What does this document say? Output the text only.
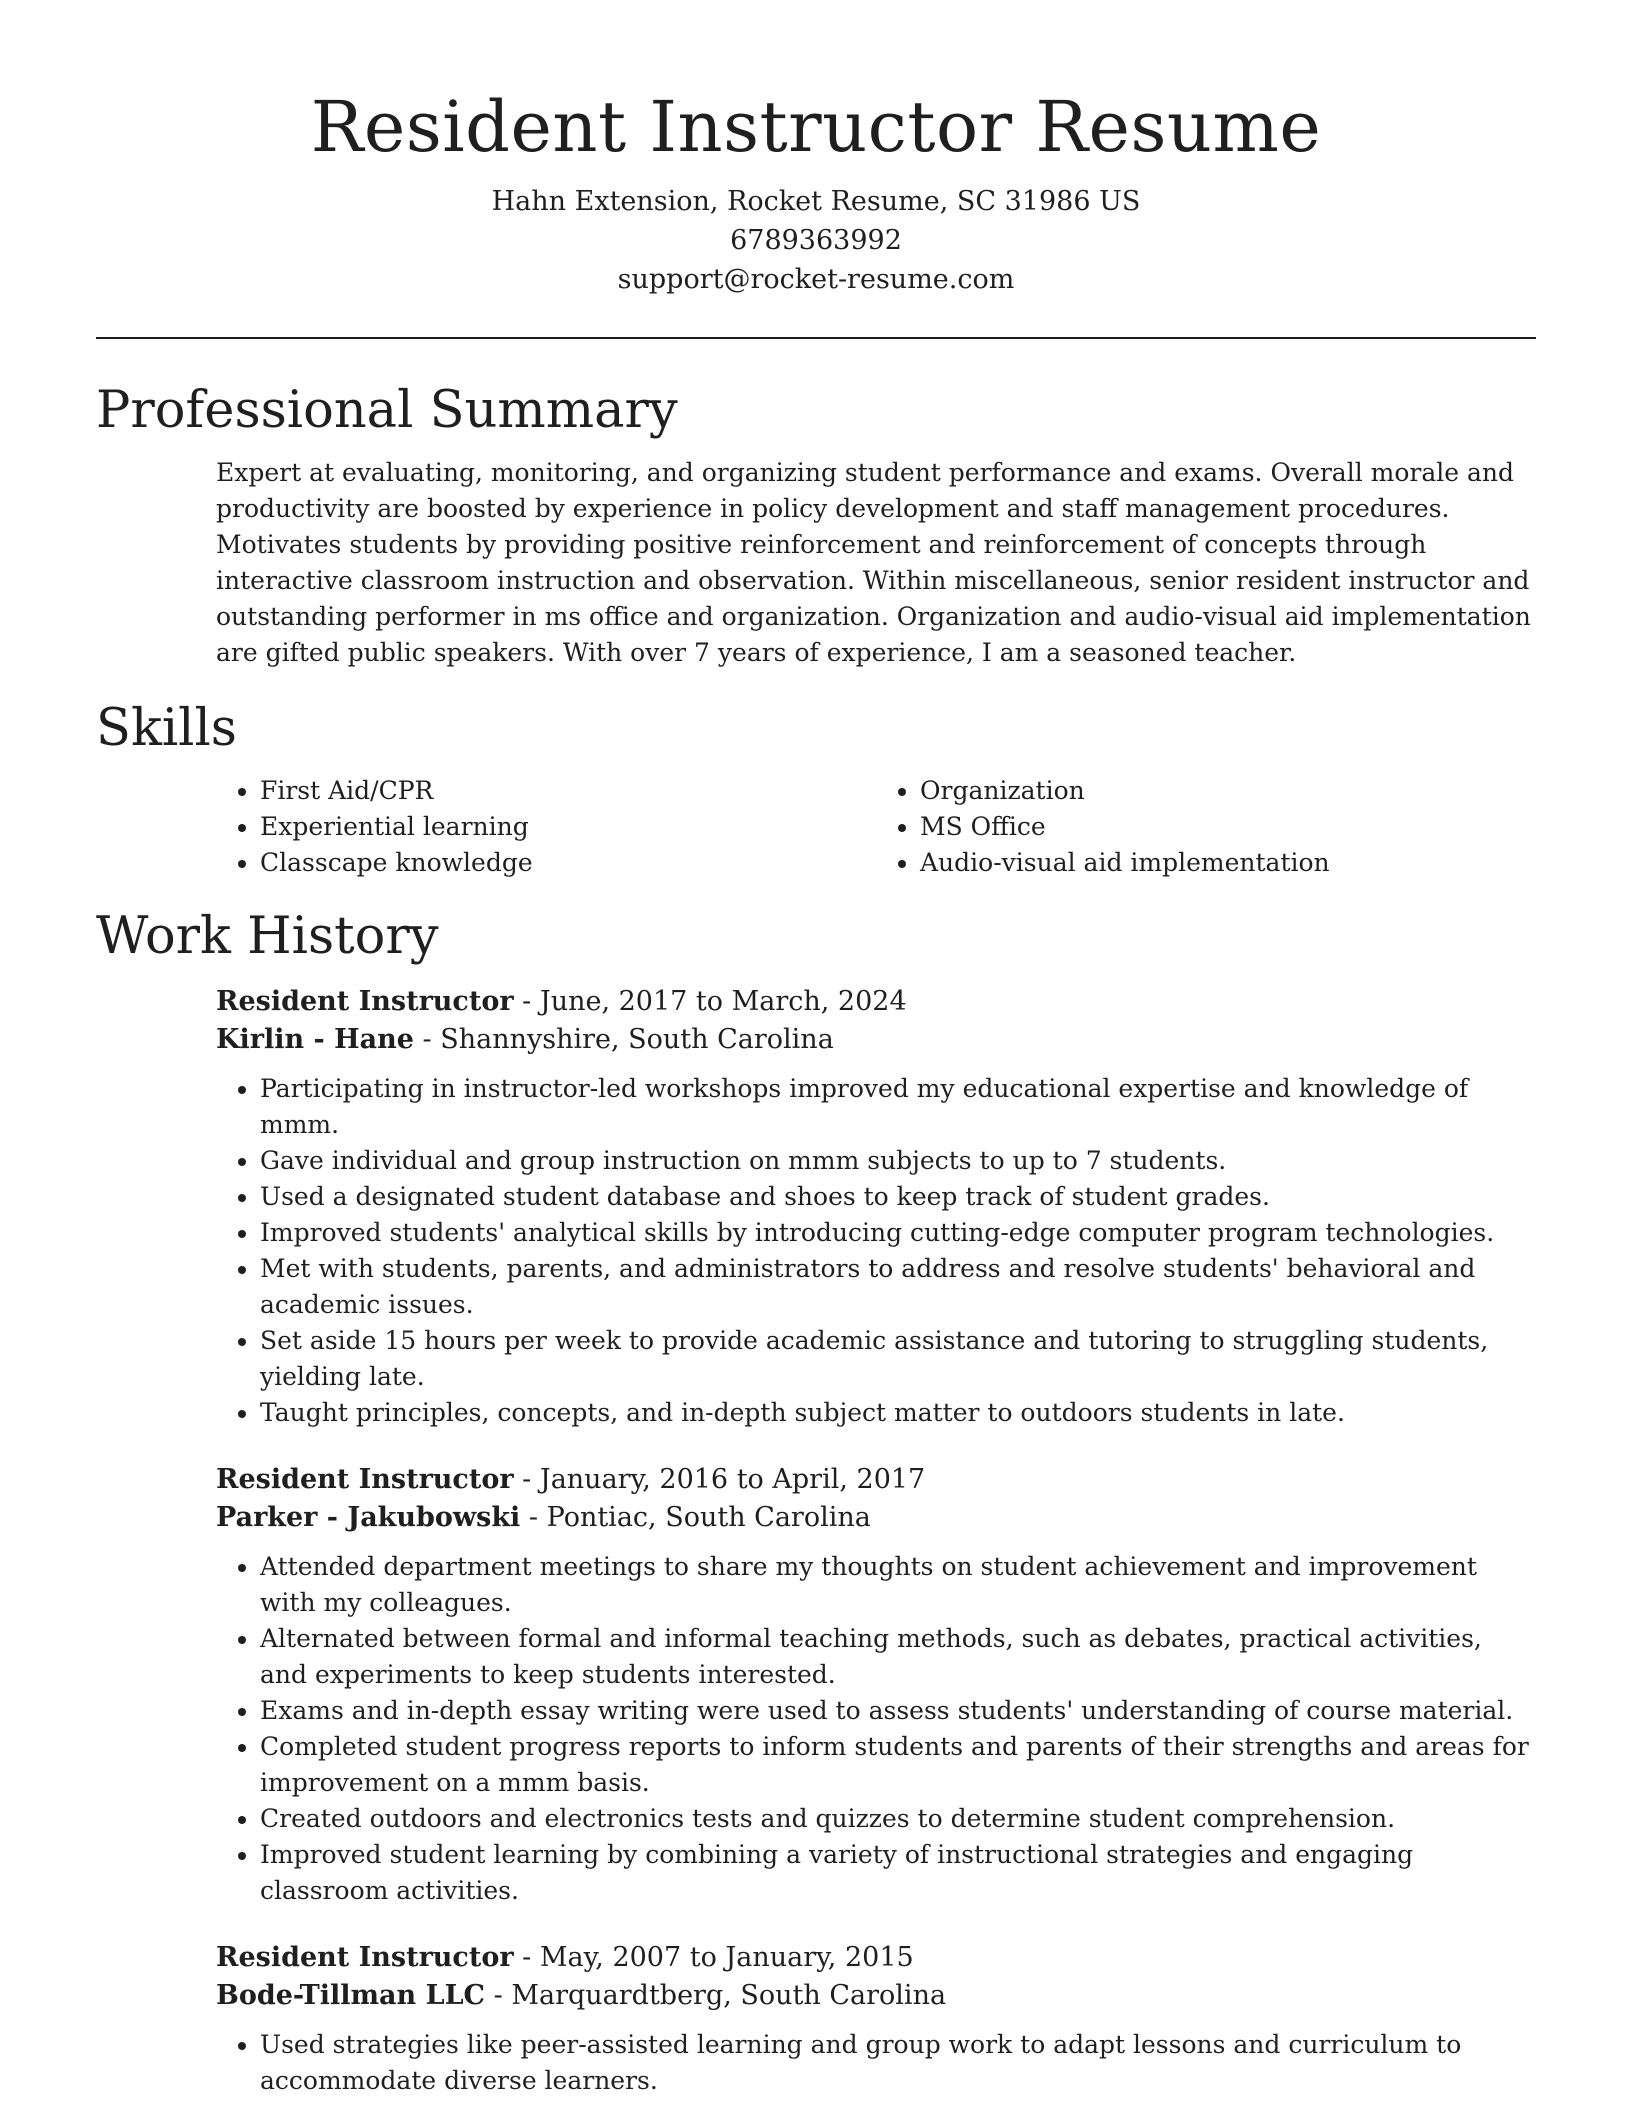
Resident Instructor Resume
Hahn Extension, Rocket Resume, SC 31986 US
6789363992
support@rocket-resume.com
Professional Summary
Expert at evaluating, monitoring, and organizing student performance and exams. Overall morale and productivity are boosted by experience in policy development and staff management procedures. Motivates students by providing positive reinforcement and reinforcement of concepts through interactive classroom instruction and observation. Within miscellaneous, senior resident instructor and outstanding performer in ms office and organization. Organization and audio-visual aid implementation are gifted public speakers. With over 7 years of experience, I am a seasoned teacher.
Skills
• First Aid/CPR
• Experiential learning
• Classcape knowledge
• Organization
• MS Office
• Audio-visual aid implementation
Work History
Resident Instructor - June, 2017 to March, 2024
Kirlin - Hane - Shannyshire, South Carolina
• Participating in instructor-led workshops improved my educational expertise and knowledge of mmm.
• Gave individual and group instruction on mmm subjects to up to 7 students.
• Used a designated student database and shoes to keep track of student grades.
• Improved students' analytical skills by introducing cutting-edge computer program technologies.
• Met with students, parents, and administrators to address and resolve students' behavioral and academic issues.
• Set aside 15 hours per week to provide academic assistance and tutoring to struggling students, yielding late.
• Taught principles, concepts, and in-depth subject matter to outdoors students in late.
Resident Instructor - January, 2016 to April, 2017
Parker - Jakubowski - Pontiac, South Carolina
• Attended department meetings to share my thoughts on student achievement and improvement with my colleagues.
• Alternated between formal and informal teaching methods, such as debates, practical activities, and experiments to keep students interested.
• Exams and in-depth essay writing were used to assess students' understanding of course material.
• Completed student progress reports to inform students and parents of their strengths and areas for improvement on a mmm basis.
• Created outdoors and electronics tests and quizzes to determine student comprehension.
• Improved student learning by combining a variety of instructional strategies and engaging classroom activities.
Resident Instructor - May, 2007 to January, 2015
Bode-Tillman LLC - Marquardtberg, South Carolina
• Used strategies like peer-assisted learning and group work to adapt lessons and curriculum to accommodate diverse learners.
